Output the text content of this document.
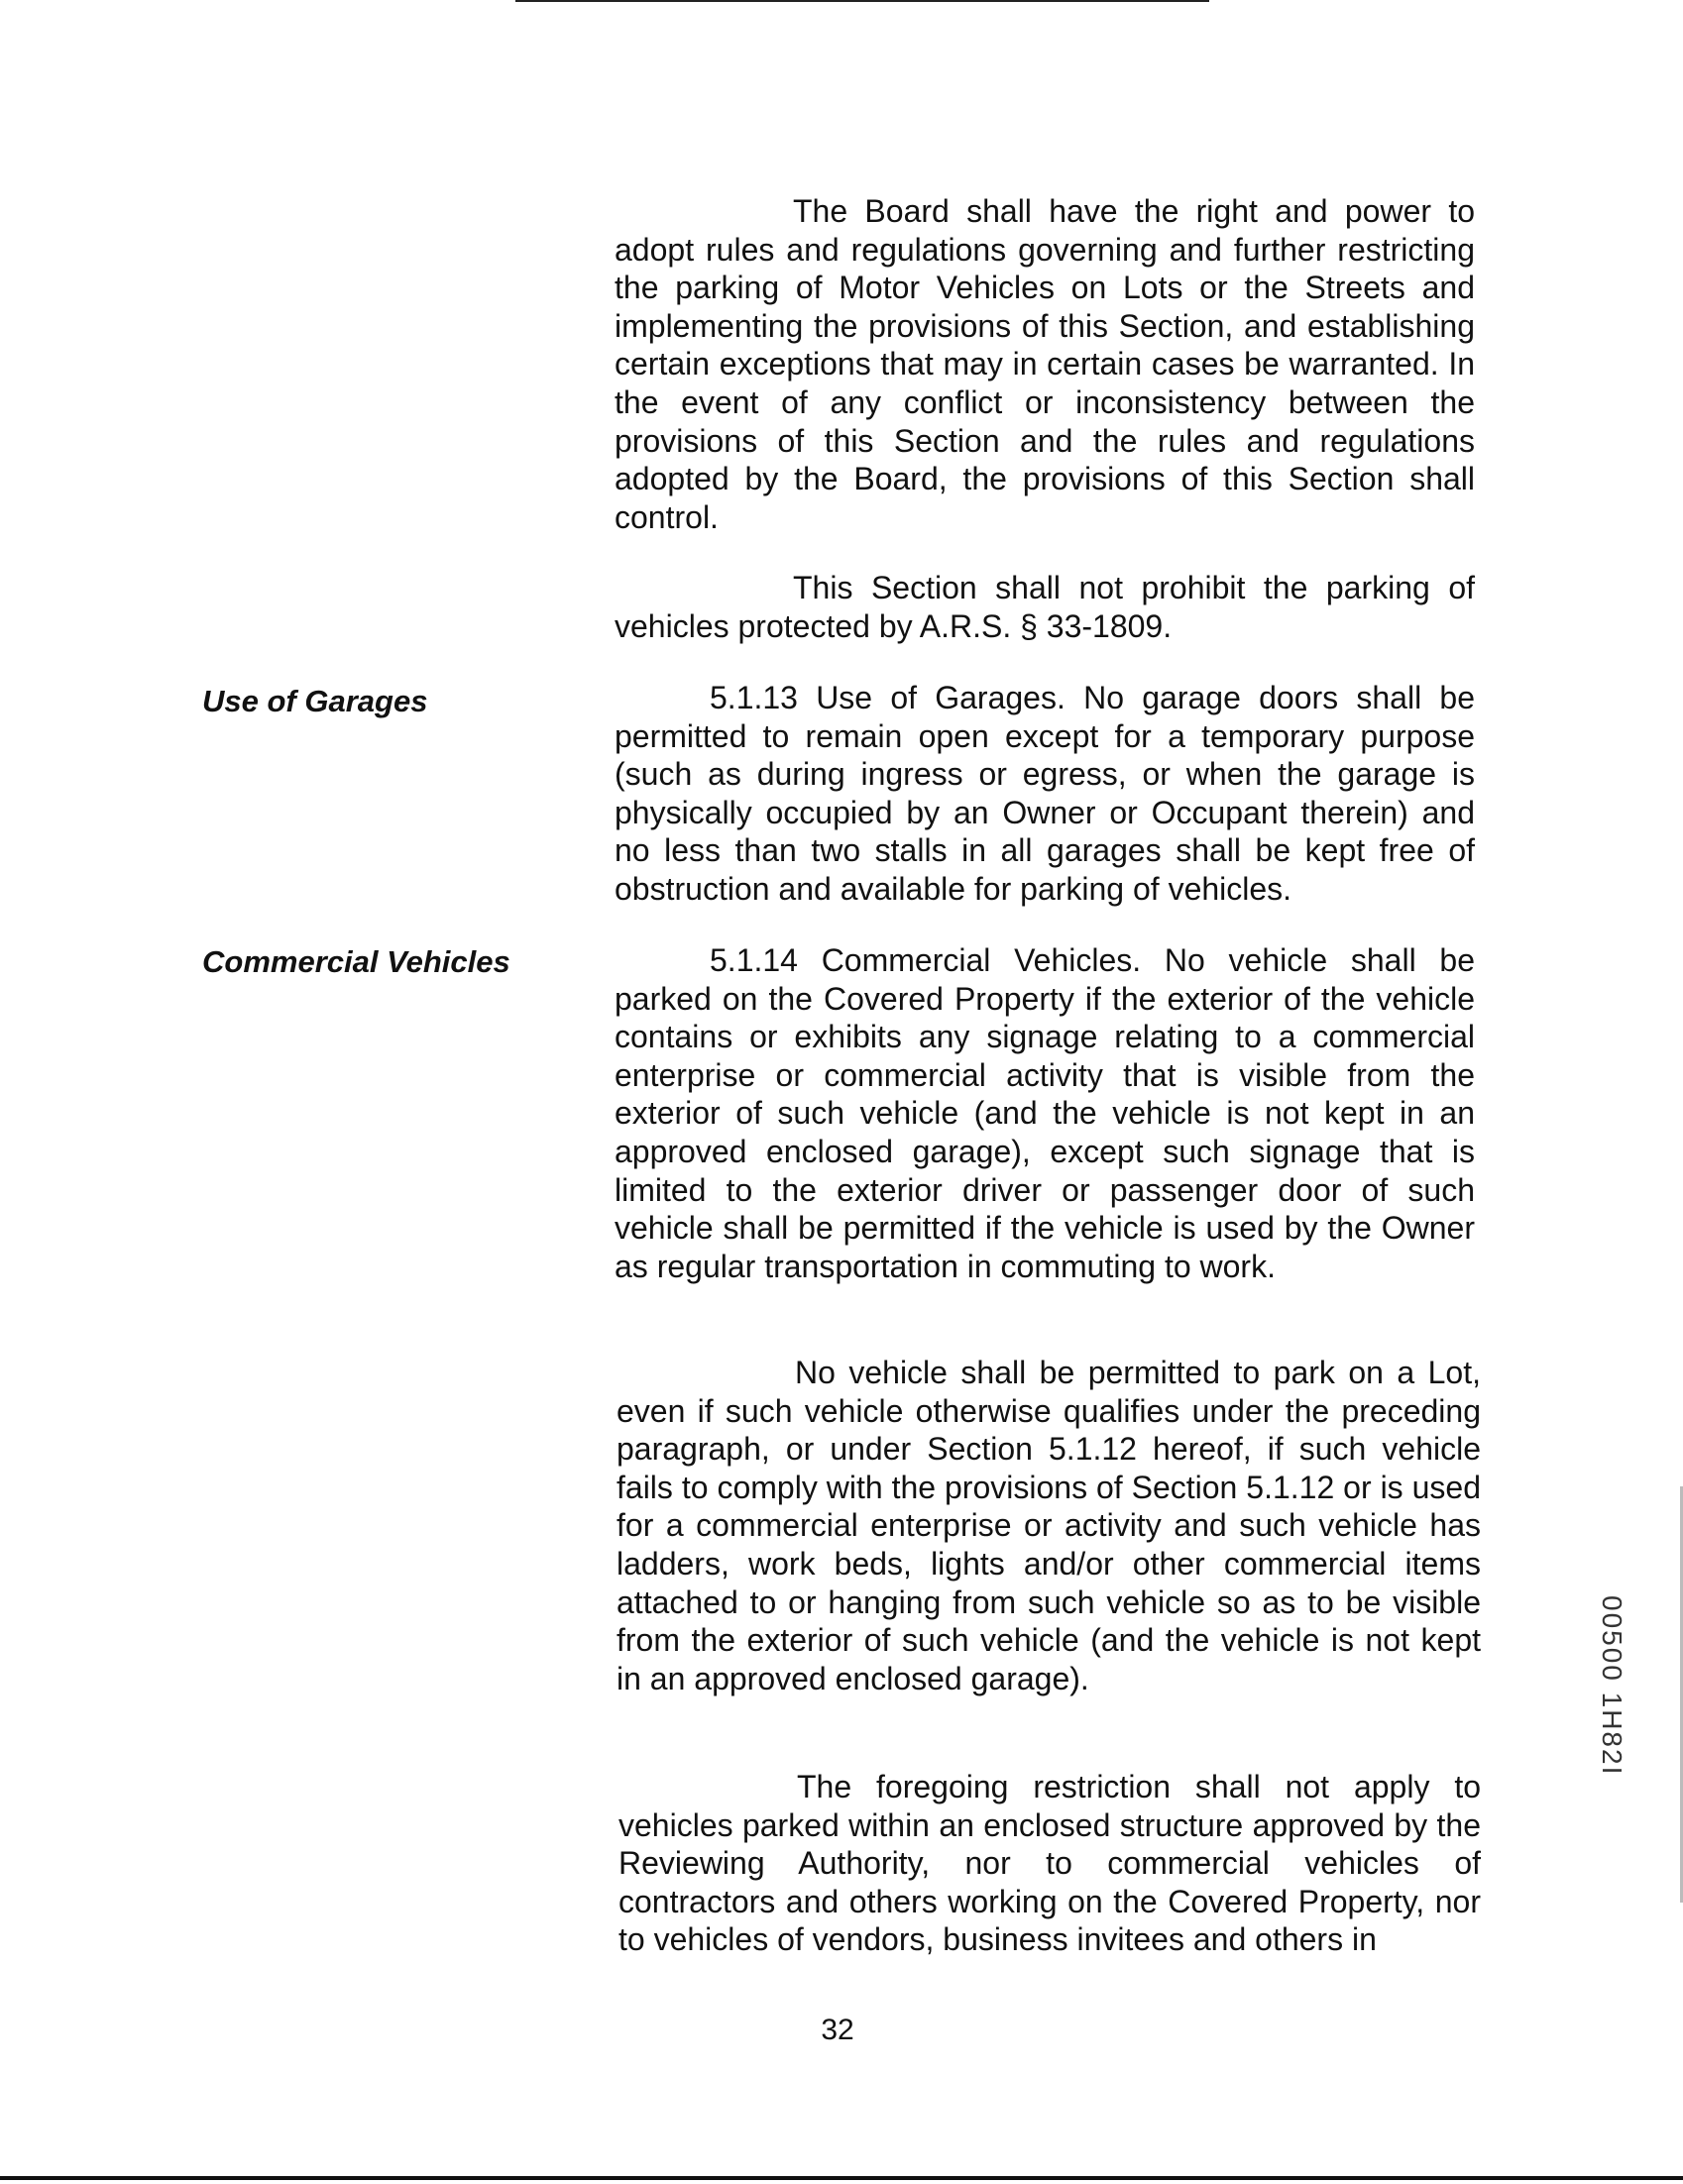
The Board shall have the right and power to adopt rules and regulations governing and further restricting the parking of Motor Vehicles on Lots or the Streets and implementing the provisions of this Section, and establishing certain exceptions that may in certain cases be warranted. In the event of any conflict or inconsistency between the provisions of this Section and the rules and regulations adopted by the Board, the provisions of this Section shall control.

This Section shall not prohibit the parking of vehicles protected by A.R.S. § 33-1809.

Use of Garages	5.1.13 Use of Garages. No garage doors shall be permitted to remain open except for a temporary purpose (such as during ingress or egress, or when the garage is physically occupied by an Owner or Occupant therein) and no less than two stalls in all garages shall be kept free of obstruction and available for parking of vehicles.

Commercial Vehicles	5.1.14 Commercial Vehicles. No vehicle shall be parked on the Covered Property if the exterior of the vehicle contains or exhibits any signage relating to a commercial enterprise or commercial activity that is visible from the exterior of such vehicle (and the vehicle is not kept in an approved enclosed garage), except such signage that is limited to the exterior driver or passenger door of such vehicle shall be permitted if the vehicle is used by the Owner as regular transportation in commuting to work.

No vehicle shall be permitted to park on a Lot, even if such vehicle otherwise qualifies under the preceding paragraph, or under Section 5.1.12 hereof, if such vehicle fails to comply with the provisions of Section 5.1.12 or is used for a commercial enterprise or activity and such vehicle has ladders, work beds, lights and/or other commercial items attached to or hanging from such vehicle so as to be visible from the exterior of such vehicle (and the vehicle is not kept in an approved enclosed garage).

The foregoing restriction shall not apply to vehicles parked within an enclosed structure approved by the Reviewing Authority, nor to commercial vehicles of contractors and others working on the Covered Property, nor to vehicles of vendors, business invitees and others in

00500 1H82I
32
